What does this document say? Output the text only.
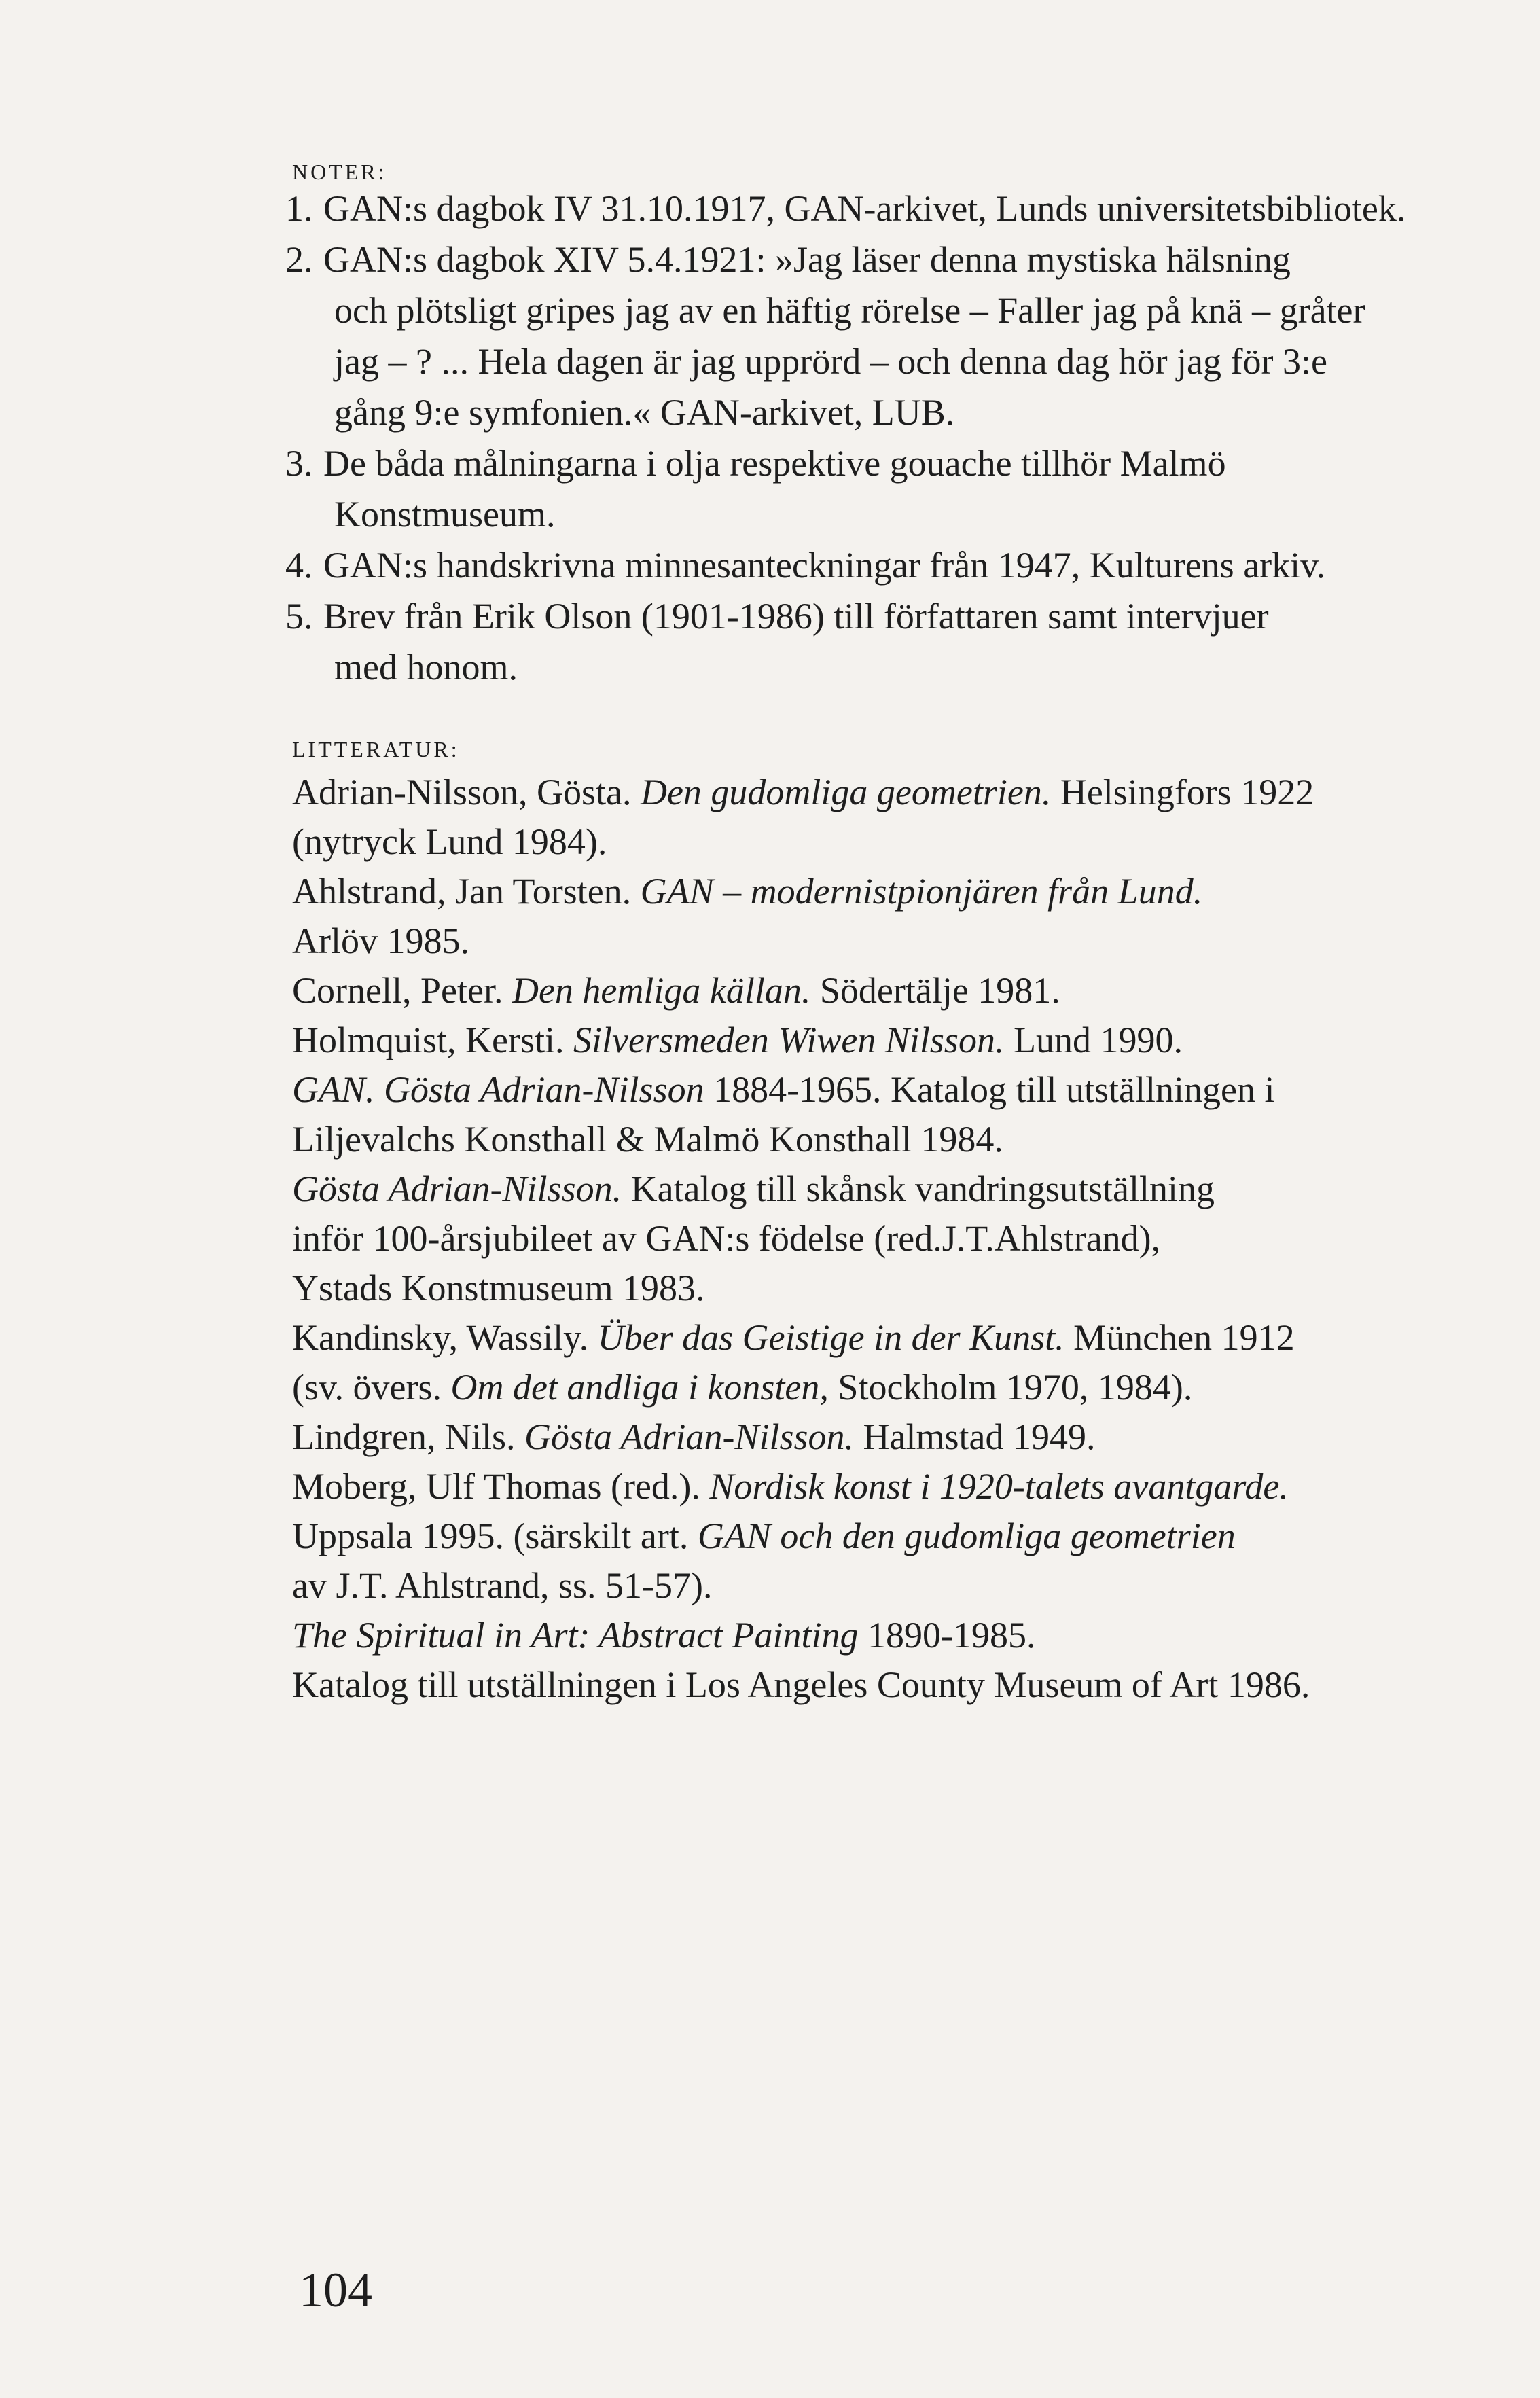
NOTER:
1. GAN:s dagbok IV 31.10.1917, GAN-arkivet, Lunds universitetsbibliotek.
2. GAN:s dagbok XIV 5.4.1921: »Jag läser denna mystiska hälsning
och plötsligt gripes jag av en häftig rörelse – Faller jag på knä – gråter
jag – ? ... Hela dagen är jag upprörd – och denna dag hör jag för 3:e
gång 9:e symfonien.« GAN-arkivet, LUB.
3. De båda målningarna i olja respektive gouache tillhör Malmö
Konstmuseum.
4. GAN:s handskrivna minnesanteckningar från 1947, Kulturens arkiv.
5. Brev från Erik Olson (1901-1986) till författaren samt intervjuer
med honom.
LITTERATUR:

Adrian-Nilsson, Gösta. Den gudomliga geometrien. Helsingfors 1922

(nytryck Lund 1984).

Ahlstrand, Jan Torsten. GAN – modernistpionjären från Lund.

Arlöv 1985.

Cornell, Peter. Den hemliga källan. Södertälje 1981.

Holmquist, Kersti. Silversmeden Wiwen Nilsson. Lund 1990.

GAN. Gösta Adrian-Nilsson 1884-1965. Katalog till utställningen i

Liljevalchs Konsthall & Malmö Konsthall 1984.

Gösta Adrian-Nilsson. Katalog till skånsk vandringsutställning

inför 100-årsjubileet av GAN:s födelse (red.J.T.Ahlstrand),

Ystads Konstmuseum 1983.

Kandinsky, Wassily. Über das Geistige in der Kunst. München 1912

(sv. övers. Om det andliga i konsten, Stockholm 1970, 1984).

Lindgren, Nils. Gösta Adrian-Nilsson. Halmstad 1949.

Moberg, Ulf Thomas (red.). Nordisk konst i 1920-talets avantgarde.

Uppsala 1995. (särskilt art. GAN och den gudomliga geometrien

av J.T. Ahlstrand, ss. 51-57).

The Spiritual in Art: Abstract Painting 1890-1985.

Katalog till utställningen i Los Angeles County Museum of Art 1986.

104
